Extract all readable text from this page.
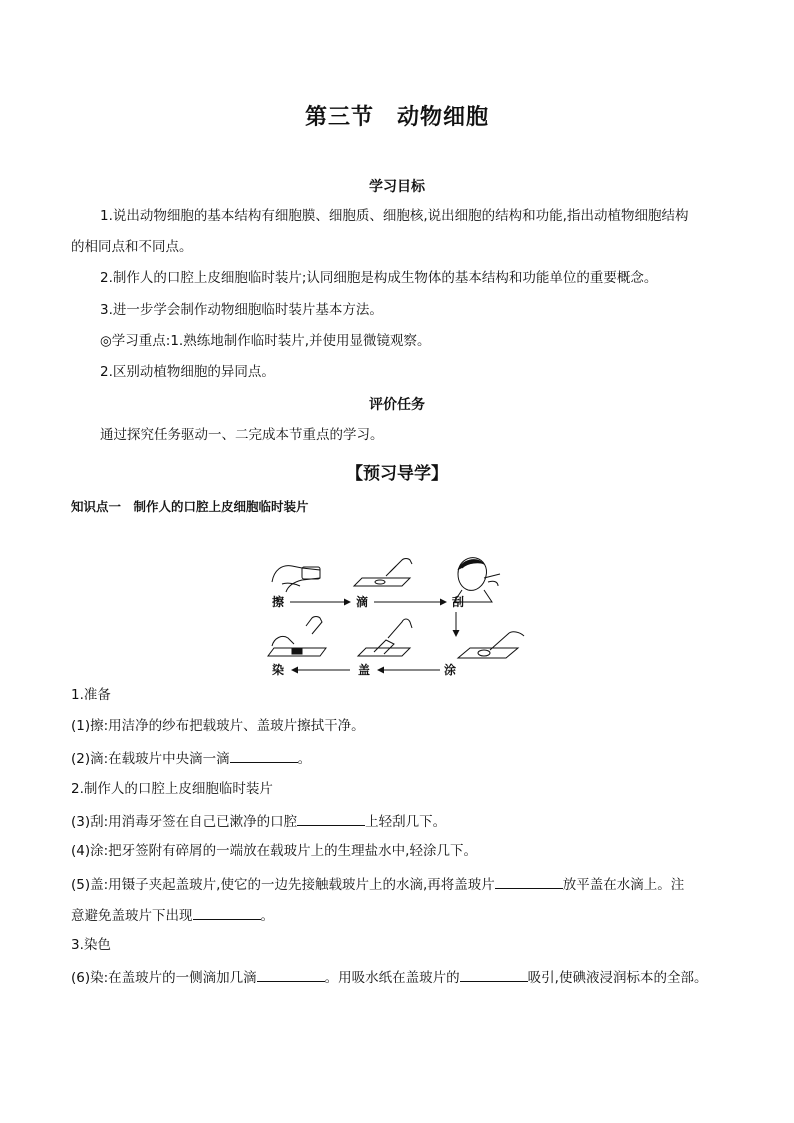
第三节　动物细胞
学习目标
1.说出动物细胞的基本结构有细胞膜、细胞质、细胞核,说出细胞的结构和功能,指出动植物细胞结构
的相同点和不同点。
2.制作人的口腔上皮细胞临时装片;认同细胞是构成生物体的基本结构和功能单位的重要概念。
3.进一步学会制作动物细胞临时装片基本方法。
◎学习重点:1.熟练地制作临时装片,并使用显微镜观察。
2.区别动植物细胞的异同点。
评价任务
通过探究任务驱动一、二完成本节重点的学习。
【预习导学】
知识点一　制作人的口腔上皮细胞临时装片
擦	滴	刮
染	盖	涂
1.准备
(1)擦:用洁净的纱布把载玻片、盖玻片擦拭干净。
(2)滴:在载玻片中央滴一滴	。
2.制作人的口腔上皮细胞临时装片
(3)刮:用消毒牙签在自己已漱净的口腔	上轻刮几下。
(4)涂:把牙签附有碎屑的一端放在载玻片上的生理盐水中,轻涂几下。
(5)盖:用镊子夹起盖玻片,使它的一边先接触载玻片上的水滴,再将盖玻片	放平盖在水滴上。注
意避免盖玻片下出现	。
3.染色
(6)染:在盖玻片的一侧滴加几滴	。用吸水纸在盖玻片的	吸引,使碘液浸润标本的全部。
